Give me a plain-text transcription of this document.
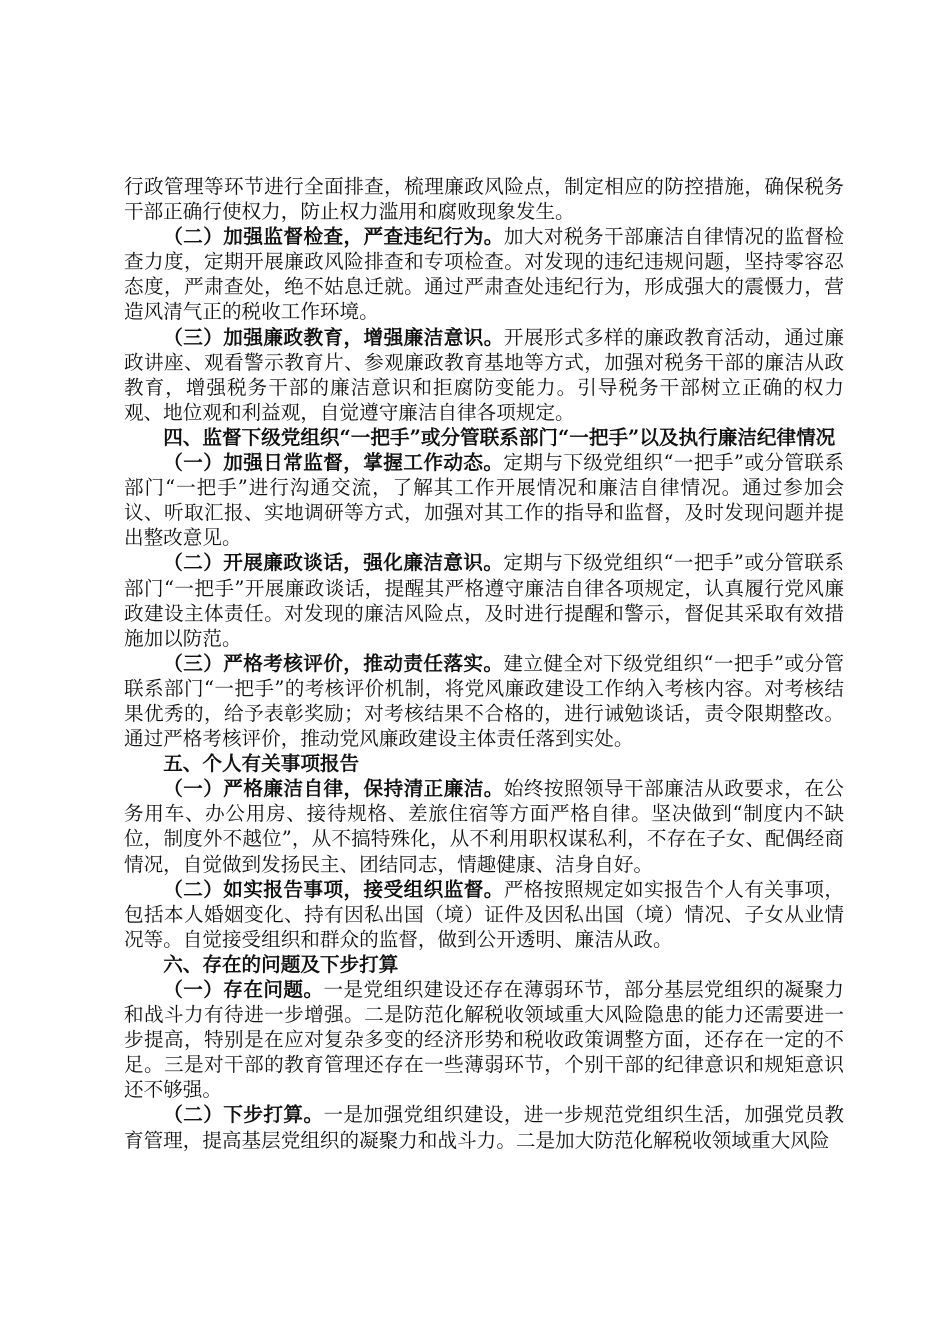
行政管理等环节进行全面排查，梳理廉政风险点，制定相应的防控措施，确保税务干部正确行使权力，防止权力滥用和腐败现象发生。

（二）加强监督检查，严查违纪行为。加大对税务干部廉洁自律情况的监督检查力度，定期开展廉政风险排查和专项检查。对发现的违纪违规问题，坚持零容忍态度，严肃查处，绝不姑息迁就。通过严肃查处违纪行为，形成强大的震慑力，营造风清气正的税收工作环境。

（三）加强廉政教育，增强廉洁意识。开展形式多样的廉政教育活动，通过廉政讲座、观看警示教育片、参观廉政教育基地等方式，加强对税务干部的廉洁从政教育，增强税务干部的廉洁意识和拒腐防变能力。引导税务干部树立正确的权力观、地位观和利益观，自觉遵守廉洁自律各项规定。

四、监督下级党组织“一把手”或分管联系部门“一把手”以及执行廉洁纪律情况

（一）加强日常监督，掌握工作动态。定期与下级党组织“一把手”或分管联系部门“一把手”进行沟通交流，了解其工作开展情况和廉洁自律情况。通过参加会议、听取汇报、实地调研等方式，加强对其工作的指导和监督，及时发现问题并提出整改意见。

（二）开展廉政谈话，强化廉洁意识。定期与下级党组织“一把手”或分管联系部门“一把手”开展廉政谈话，提醒其严格遵守廉洁自律各项规定，认真履行党风廉政建设主体责任。对发现的廉洁风险点，及时进行提醒和警示，督促其采取有效措施加以防范。

（三）严格考核评价，推动责任落实。建立健全对下级党组织“一把手”或分管联系部门“一把手”的考核评价机制，将党风廉政建设工作纳入考核内容。对考核结果优秀的，给予表彰奖励；对考核结果不合格的，进行诫勉谈话，责令限期整改。通过严格考核评价，推动党风廉政建设主体责任落到实处。

五、个人有关事项报告

（一）严格廉洁自律，保持清正廉洁。始终按照领导干部廉洁从政要求，在公务用车、办公用房、接待规格、差旅住宿等方面严格自律。坚决做到“制度内不缺位，制度外不越位”，从不搞特殊化，从不利用职权谋私利，不存在子女、配偶经商情况，自觉做到发扬民主、团结同志，情趣健康、洁身自好。

（二）如实报告事项，接受组织监督。严格按照规定如实报告个人有关事项，包括本人婚姻变化、持有因私出国（境）证件及因私出国（境）情况、子女从业情况等。自觉接受组织和群众的监督，做到公开透明、廉洁从政。

六、存在的问题及下步打算

（一）存在问题。一是党组织建设还存在薄弱环节，部分基层党组织的凝聚力和战斗力有待进一步增强。二是防范化解税收领域重大风险隐患的能力还需要进一步提高，特别是在应对复杂多变的经济形势和税收政策调整方面，还存在一定的不足。三是对干部的教育管理还存在一些薄弱环节，个别干部的纪律意识和规矩意识还不够强。

（二）下步打算。一是加强党组织建设，进一步规范党组织生活，加强党员教育管理，提高基层党组织的凝聚力和战斗力。二是加大防范化解税收领域重大风险
